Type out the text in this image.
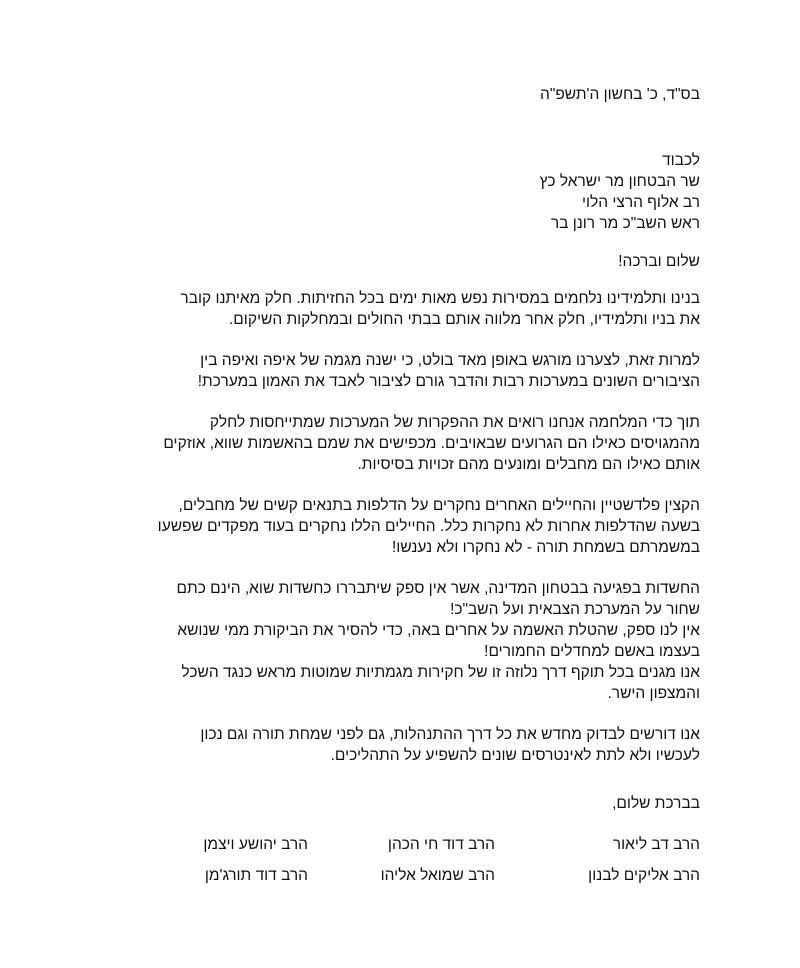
בס"ד, כ' בחשון ה'תשפ"ה
לכבוד
שר הבטחון מר ישראל כץ
רב אלוף הרצי הלוי
ראש השב"כ מר רונן בר
שלום וברכה!
בנינו ותלמידינו נלחמים במסירות נפש מאות ימים בכל החזיתות. חלק מאיתנו קובר
את בניו ותלמידיו, חלק אחר מלווה אותם בבתי החולים ובמחלקות השיקום.
למרות זאת, לצערנו מורגש באופן מאד בולט, כי ישנה מגמה של איפה ואיפה בין
הציבורים השונים במערכות רבות והדבר גורם לציבור לאבד את האמון במערכת!
תוך כדי המלחמה אנחנו רואים את ההפקרות של המערכות שמתייחסות לחלק
מהמגויסים כאילו הם הגרועים שבאויבים. מכפישים את שמם בהאשמות שווא, אוזקים
אותם כאילו הם מחבלים ומונעים מהם זכויות בסיסיות.
הקצין פלדשטיין והחיילים האחרים נחקרים על הדלפות בתנאים קשים של מחבלים,
בשעה שהדלפות אחרות לא נחקרות כלל. החיילים הללו נחקרים בעוד מפקדים שפשעו
במשמרתם בשמחת תורה - לא נחקרו ולא נענשו!
החשדות בפגיעה בבטחון המדינה, אשר אין ספק שיתבררו כחשדות שוא, הינם כתם
שחור על המערכת הצבאית ועל השב"כ!
אין לנו ספק, שהטלת האשמה על אחרים באה, כדי להסיר את הביקורת ממי שנושא
בעצמו באשם למחדלים החמורים!
אנו מגנים בכל תוקף דרך נלוזה זו של חקירות מגמתיות שמוטות מראש כנגד השכל
והמצפון הישר.
אנו דורשים לבדוק מחדש את כל דרך ההתנהלות, גם לפני שמחת תורה וגם נכון
לעכשיו ולא לתת לאינטרסים שונים להשפיע על התהליכים.
בברכת שלום,
הרב דב ליאור
הרב דוד חי הכהן
הרב יהושע ויצמן
הרב אליקים לבנון
הרב שמואל אליהו
הרב דוד תורג'מן
